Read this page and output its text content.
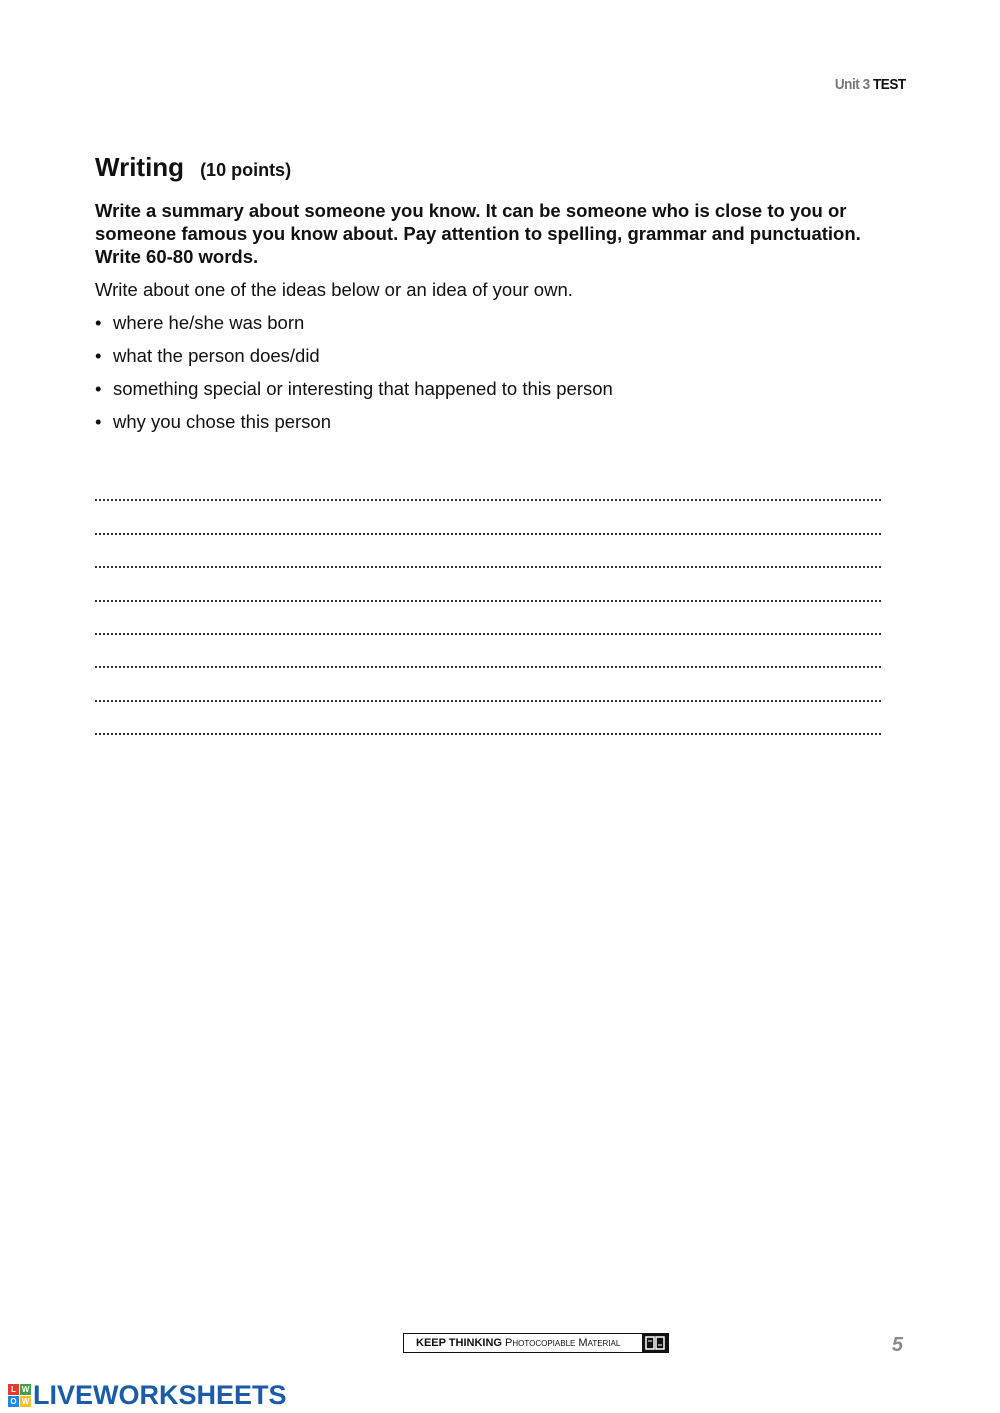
Unit 3 TEST
Writing (10 points)
Write a summary about someone you know. It can be someone who is close to you or someone famous you know about. Pay attention to spelling, grammar and punctuation. Write 60-80 words.
Write about one of the ideas below or an idea of your own.
• where he/she was born
• what the person does/did
• something special or interesting that happened to this person
• why you chose this person
KEEP THINKING Photocopiable Material	5
L W
O W LIVEWORKSHEETS
